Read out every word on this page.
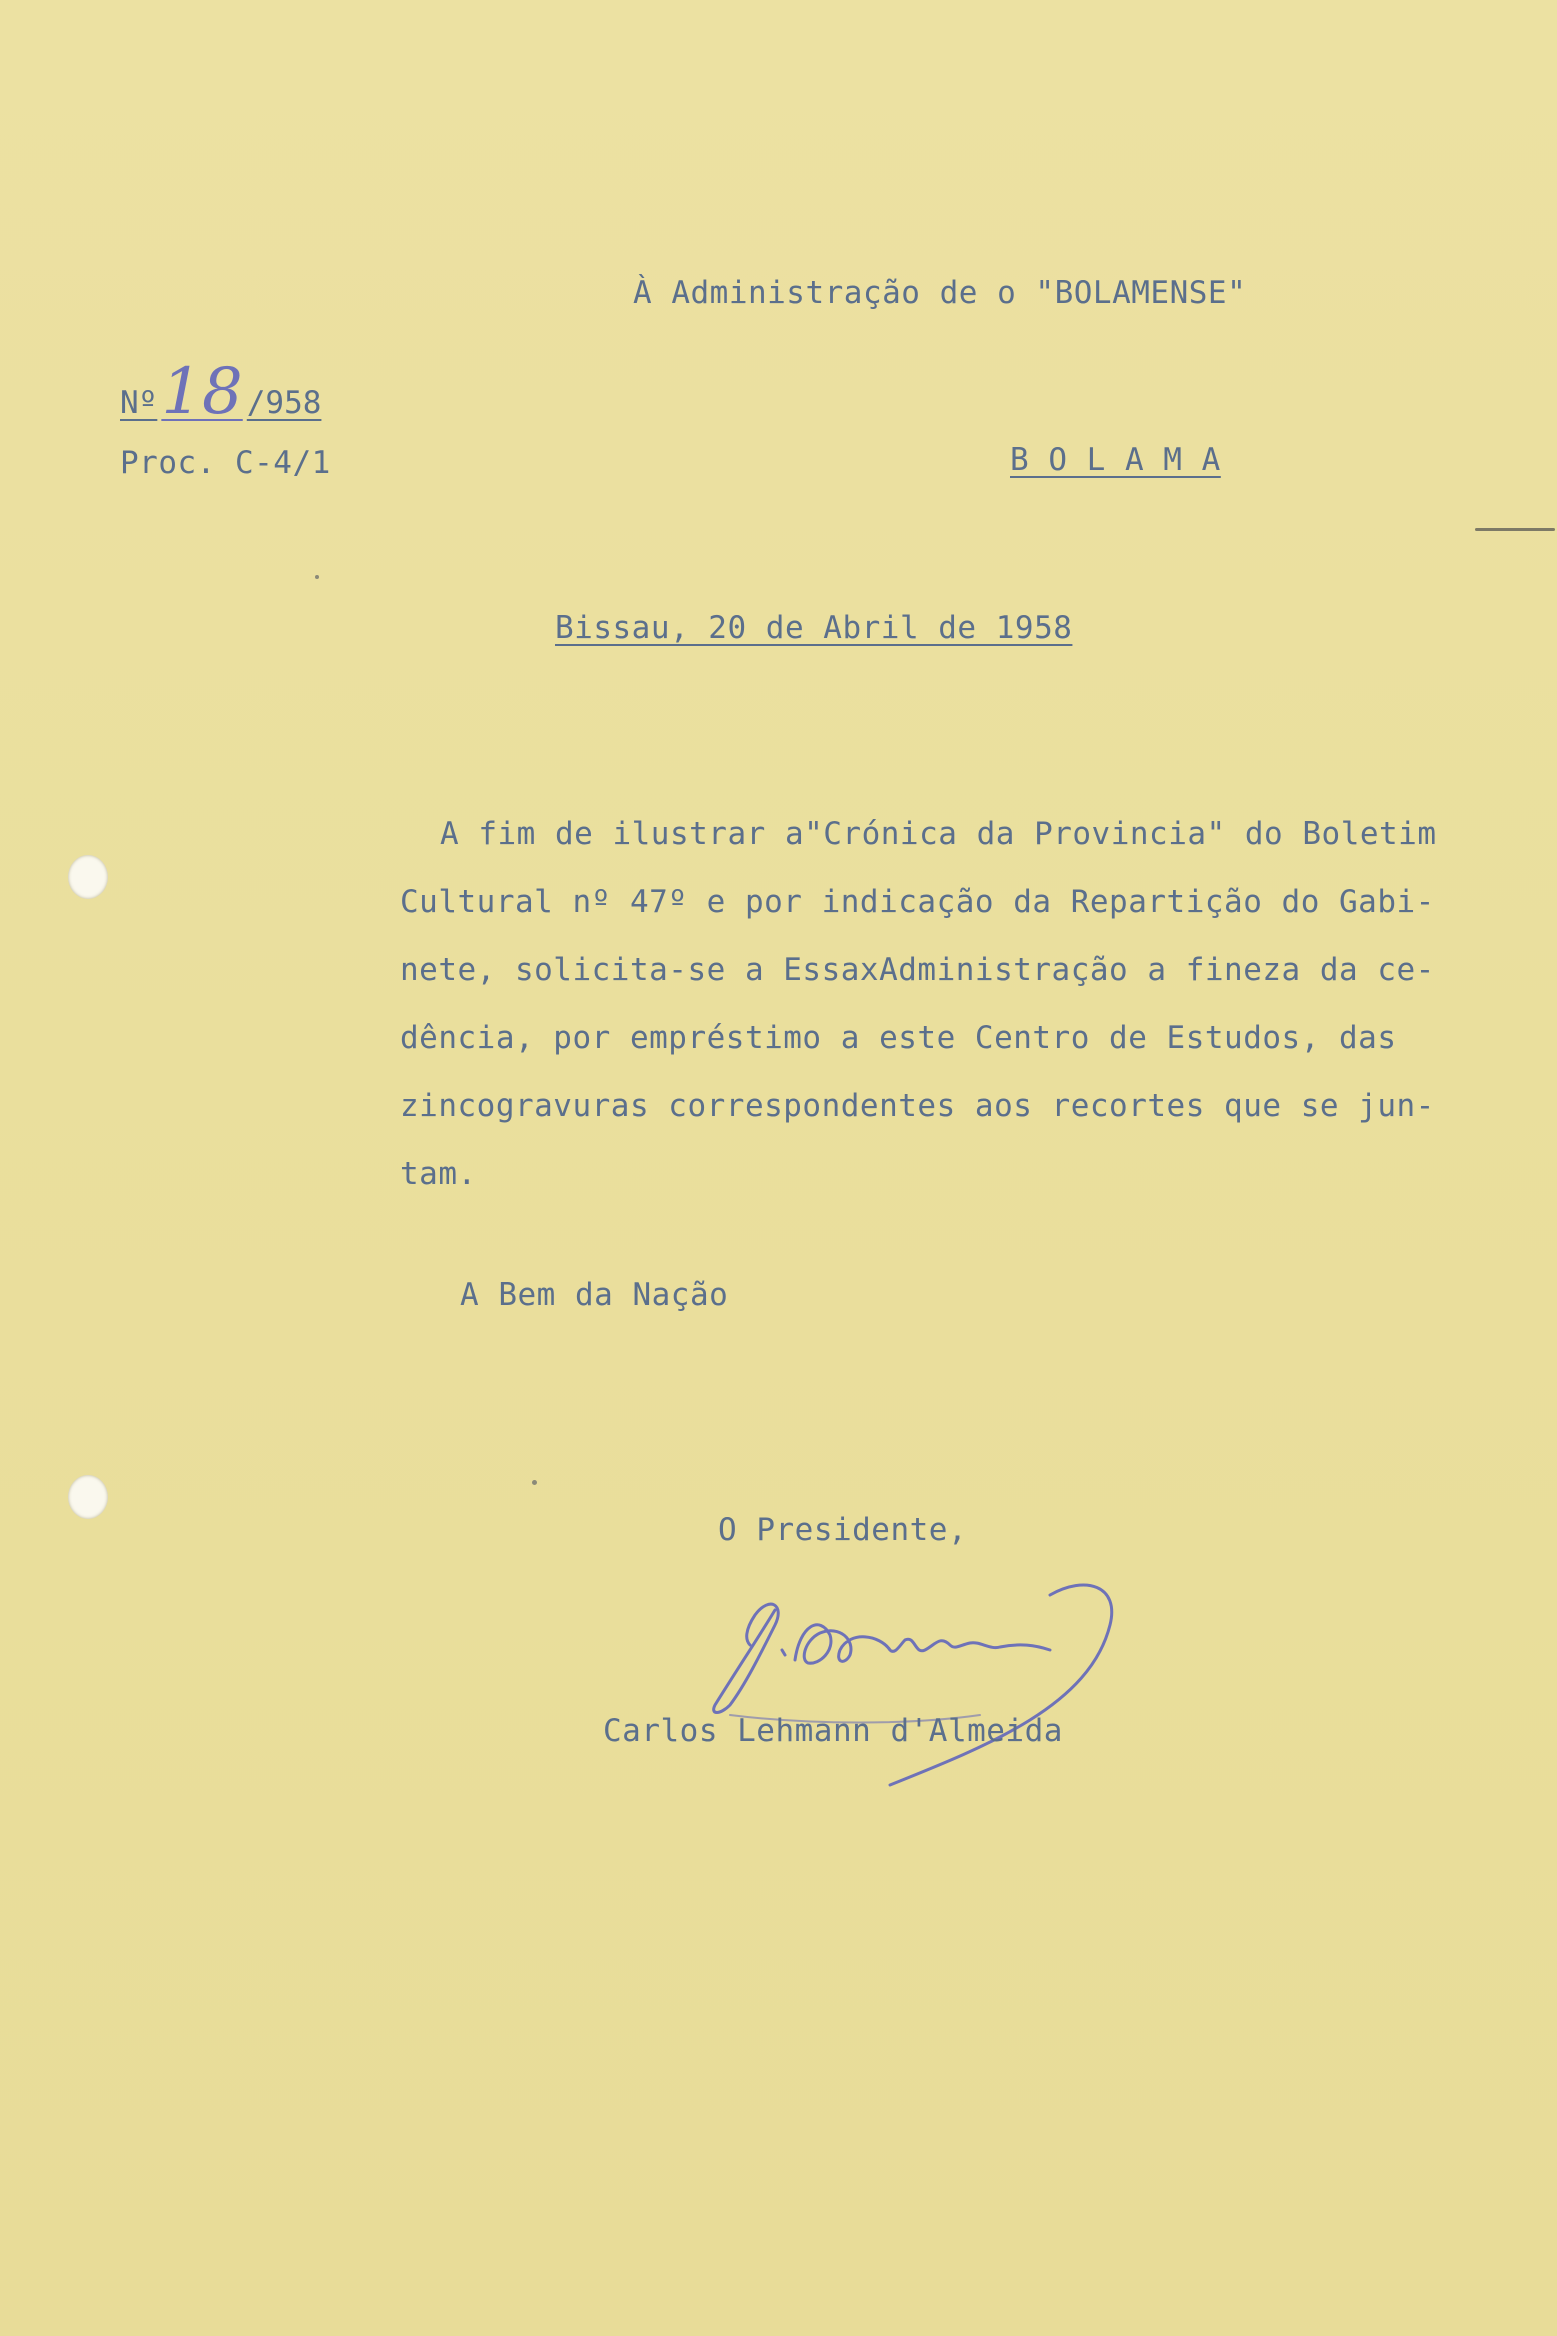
À Administração de o "BOLAMENSE"
Nº18 /958
Proc. C-4/1	B O L A M A
Bissau, 20 de Abril de 1958
A fim de ilustrar a"Crónica da Provincia" do Boletim
Cultural nº 47º e por indicação da Repartição do Gabi-
nete, solicita-se a EssaxAdministração a fineza da ce-
dência, por empréstimo a este Centro de Estudos, das
zincogravuras correspondentes aos recortes que se jun-
tam.
A Bem da Nação
O Presidente,
Carlos Lehmann d'Almeida
